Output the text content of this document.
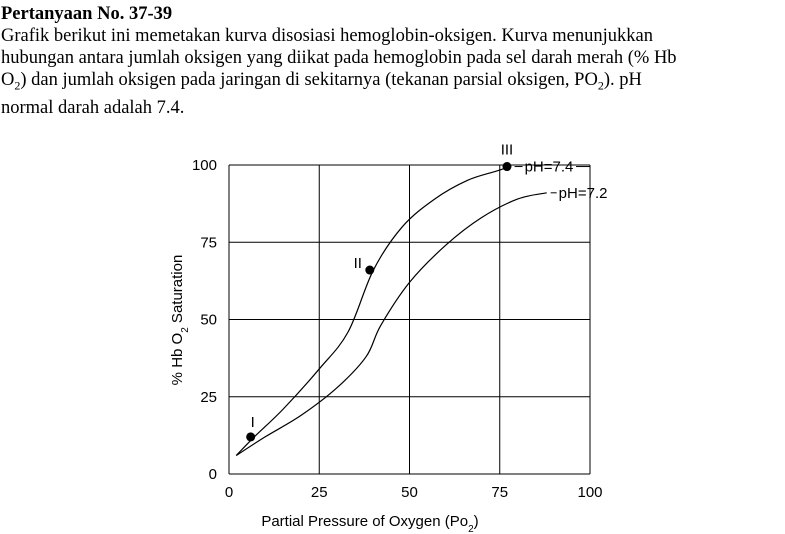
Pertanyaan No. 37-39
Grafik berikut ini memetakan kurva disosiasi hemoglobin-oksigen. Kurva menunjukkan
hubungan antara jumlah oksigen yang diikat pada hemoglobin pada sel darah merah (% Hb
$O_2$) dan jumlah oksigen pada jaringan di sekitarnya (tekanan parsial oksigen, $PO_2$). pH
normal darah adalah 7.4.
0	25	50	75	100
0
25
50
75
100	pH=7.4
pH=7.2
I
II
III
Partial Pressure of Oxygen $(Po_2)$
% Hb $O_2$ Saturation
